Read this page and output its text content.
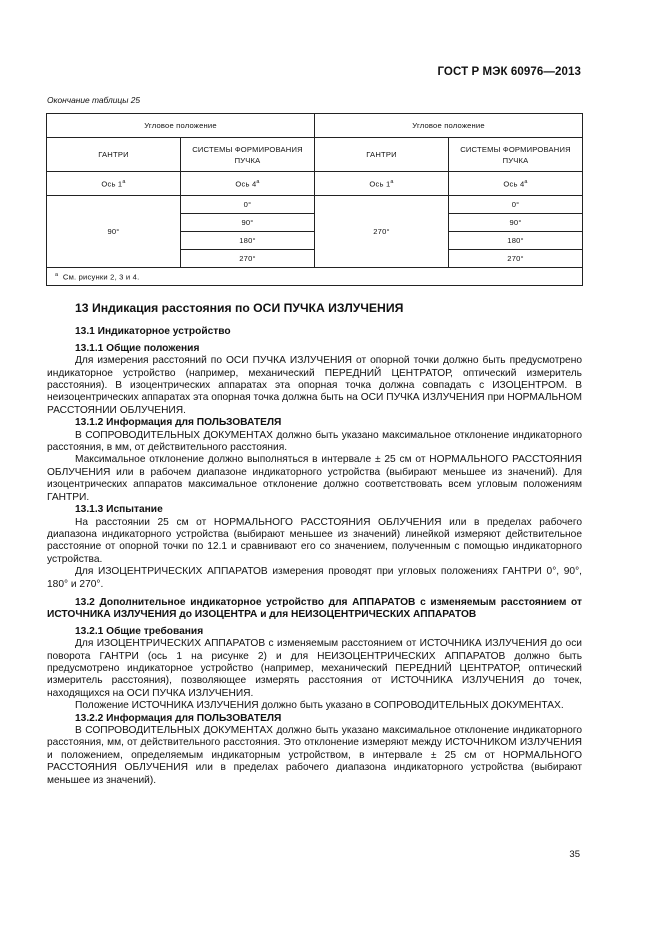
ГОСТ Р МЭК 60976—2013
Окончание таблицы 25
Угловое положение		Угловое положение	
ГАНТРИ	СИСТЕМЫ ФОРМИРОВАНИЯ ПУЧКА	ГАНТРИ	СИСТЕМЫ ФОРМИРОВАНИЯ ПУЧКА
Ось 1$^a$	Ось 4$^a$	Ось 1$^a$	Ось 4$^a$
90°	0°	270°	0°
	90°		90°
	180°		180°
	270°		270°
$^a$ См. рисунки 2, 3 и 4.			

13 Индикация расстояния по ОСИ ПУЧКА ИЗЛУЧЕНИЯ

13.1 Индикаторное устройство

13.1.1 Общие положения

Для измерения расстояний по ОСИ ПУЧКА ИЗЛУЧЕНИЯ от опорной точки должно быть предусмотрено индикаторное устройство (например, механический ПЕРЕДНИЙ ЦЕНТРАТОР, оптический измеритель расстояния). В изоцентрических аппаратах эта опорная точка должна совпадать с ИЗОЦЕНТРОМ. В неизоцентрических аппаратах эта опорная точка должна быть на ОСИ ПУЧКА ИЗЛУЧЕНИЯ при НОРМАЛЬНОМ РАССТОЯНИИ ОБЛУЧЕНИЯ.

13.1.2 Информация для ПОЛЬЗОВАТЕЛЯ

В СОПРОВОДИТЕЛЬНЫХ ДОКУМЕНТАХ должно быть указано максимальное отклонение индикаторного расстояния, в мм, от действительного расстояния.

Максимальное отклонение должно выполняться в интервале ± 25 см от НОРМАЛЬНОГО РАССТОЯНИЯ ОБЛУЧЕНИЯ или в рабочем диапазоне индикаторного устройства (выбирают меньшее из значений). Для изоцентрических аппаратов максимальное отклонение должно соответствовать всем угловым положениям ГАНТРИ.

13.1.3 Испытание

На расстоянии 25 см от НОРМАЛЬНОГО РАССТОЯНИЯ ОБЛУЧЕНИЯ или в пределах рабочего диапазона индикаторного устройства (выбирают меньшее из значений) линейкой измеряют действительное расстояние от опорной точки по 12.1 и сравнивают его со значением, полученным с помощью индикаторного устройства.

Для ИЗОЦЕНТРИЧЕСКИХ АППАРАТОВ измерения проводят при угловых положениях ГАНТРИ 0°, 90°, 180° и 270°.

13.2 Дополнительное индикаторное устройство для АППАРАТОВ с изменяемым расстоянием от ИСТОЧНИКА ИЗЛУЧЕНИЯ до ИЗОЦЕНТРА и для НЕИЗОЦЕНТРИЧЕСКИХ АППАРАТОВ

13.2.1 Общие требования

Для ИЗОЦЕНТРИЧЕСКИХ АППАРАТОВ с изменяемым расстоянием от ИСТОЧНИКА ИЗЛУЧЕНИЯ до оси поворота ГАНТРИ (ось 1 на рисунке 2) и для НЕИЗОЦЕНТРИЧЕСКИХ АППАРАТОВ должно быть предусмотрено индикаторное устройство (например, механический ПЕРЕДНИЙ ЦЕНТРАТОР, оптический измеритель расстояния), позволяющее измерять расстояния от ИСТОЧНИКА ИЗЛУЧЕНИЯ до точек, находящихся на ОСИ ПУЧКА ИЗЛУЧЕНИЯ.

Положение ИСТОЧНИКА ИЗЛУЧЕНИЯ должно быть указано в СОПРОВОДИТЕЛЬНЫХ ДОКУМЕНТАХ.

13.2.2 Информация для ПОЛЬЗОВАТЕЛЯ

В СОПРОВОДИТЕЛЬНЫХ ДОКУМЕНТАХ должно быть указано максимальное отклонение индикаторного расстояния, мм, от действительного расстояния. Это отклонение измеряют между ИСТОЧНИКОМ ИЗЛУЧЕНИЯ и положением, определяемым индикаторным устройством, в интервале ± 25 см от НОРМАЛЬНОГО РАССТОЯНИЯ ОБЛУЧЕНИЯ или в пределах рабочего диапазона индикаторного устройства (выбирают меньшее из значений).

35
